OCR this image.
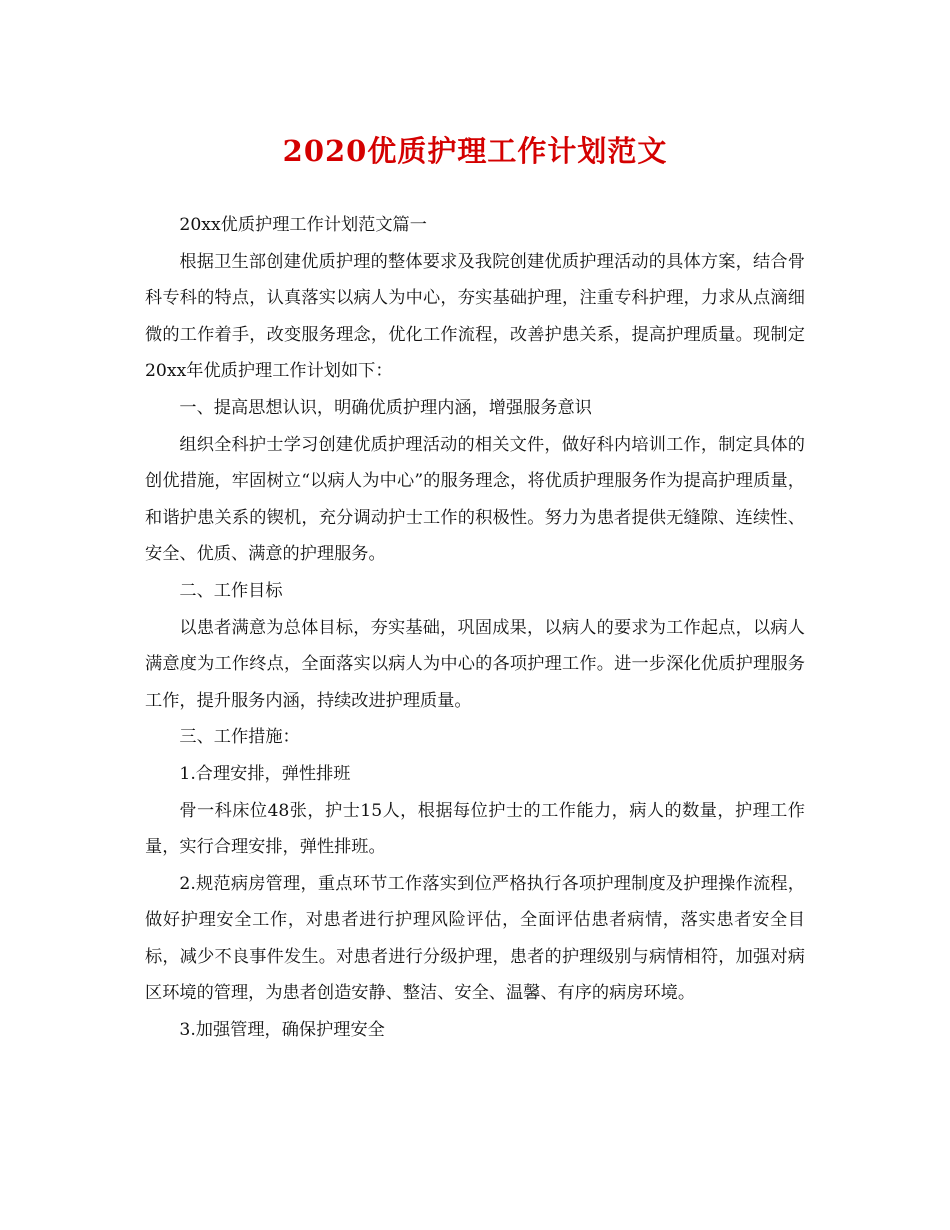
2020优质护理工作计划范文

20xx优质护理工作计划范文篇一

根据卫生部创建优质护理的整体要求及我院创建优质护理活动的具体方案，结合骨科专科的特点，认真落实以病人为中心，夯实基础护理，注重专科护理，力求从点滴细微的工作着手，改变服务理念，优化工作流程，改善护患关系，提高护理质量。现制定20xx年优质护理工作计划如下：

一、提高思想认识，明确优质护理内涵，增强服务意识

组织全科护士学习创建优质护理活动的相关文件，做好科内培训工作，制定具体的创优措施，牢固树立“以病人为中心”的服务理念，将优质护理服务作为提高护理质量，和谐护患关系的锲机，充分调动护士工作的积极性。努力为患者提供无缝隙、连续性、安全、优质、满意的护理服务。

二、工作目标

以患者满意为总体目标，夯实基础，巩固成果，以病人的要求为工作起点，以病人满意度为工作终点，全面落实以病人为中心的各项护理工作。进一步深化优质护理服务工作，提升服务内涵，持续改进护理质量。

三、工作措施：

1.合理安排，弹性排班

骨一科床位48张，护士15人，根据每位护士的工作能力，病人的数量，护理工作量，实行合理安排，弹性排班。

2.规范病房管理，重点环节工作落实到位严格执行各项护理制度及护理操作流程，做好护理安全工作，对患者进行护理风险评估，全面评估患者病情，落实患者安全目标，减少不良事件发生。对患者进行分级护理，患者的护理级别与病情相符，加强对病区环境的管理，为患者创造安静、整洁、安全、温馨、有序的病房环境。

3.加强管理，确保护理安全
